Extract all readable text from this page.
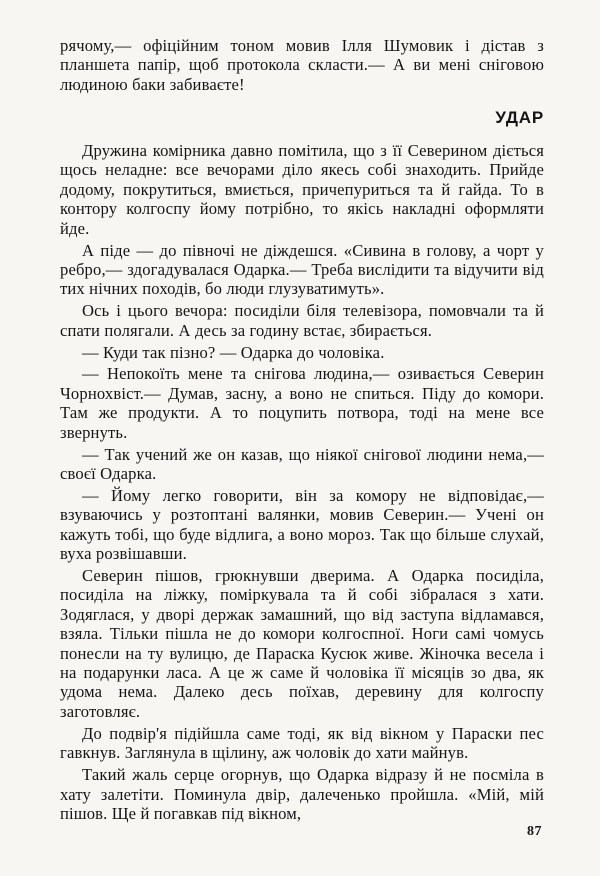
рячому,— офіційним тоном мовив Ілля Шумовик і дістав з планшета папір, щоб протокола скласти.— А ви мені сніговою людиною баки забиваєте!

УДАР

Дружина комірника давно помітила, що з її Северином діється щось неладне: все вечорами діло якесь собі знаходить. Прийде додому, покрутиться, вмиється, причепуриться та й гайда. То в контору колгоспу йому потрібно, то якісь накладні оформляти йде.

А піде — до півночі не діждешся. «Сивина в голову, а чорт у ребро,— здогадувалася Одарка.— Треба вислідити та відучити від тих нічних походів, бо люди глузуватимуть».

Ось і цього вечора: посиділи біля телевізора, помовчали та й спати полягали. А десь за годину встає, збирається.

— Куди так пізно? — Одарка до чоловіка.

— Непокоїть мене та снігова людина,— озивається Северин Чорнохвіст.— Думав, засну, а воно не спиться. Піду до комори. Там же продукти. А то поцупить потвора, тоді на мене все звернуть.

— Так учений же он казав, що ніякої снігової людини нема,— своєї Одарка.

— Йому легко говорити, він за комору не відповідає,— взуваючись у розтоптані валянки, мовив Северин.— Учені он кажуть тобі, що буде відлига, а воно мороз. Так що більше слухай, вуха розвішавши.

Северин пішов, грюкнувши дверима. А Одарка посиділа, посиділа на ліжку, поміркувала та й собі зібралася з хати. Зодяглася, у дворі держак замашний, що від заступа відламався, взяла. Тільки пішла не до комори колгоспної. Ноги самі чомусь понесли на ту вулицю, де Параска Кусюк живе. Жіночка весела і на подарунки ласа. А це ж саме й чоловіка її місяців зо два, як удома нема. Далеко десь поїхав, деревину для колгоспу заготовляє.

До подвір'я підійшла саме тоді, як від вікном у Параски пес гавкнув. Заглянула в щілину, аж чоловік до хати майнув.

Такий жаль серце огорнув, що Одарка відразу й не посміла в хату залетіти. Поминула двір, далеченько пройшла. «Мій, мій пішов. Ще й погавкав під вікном,

87
